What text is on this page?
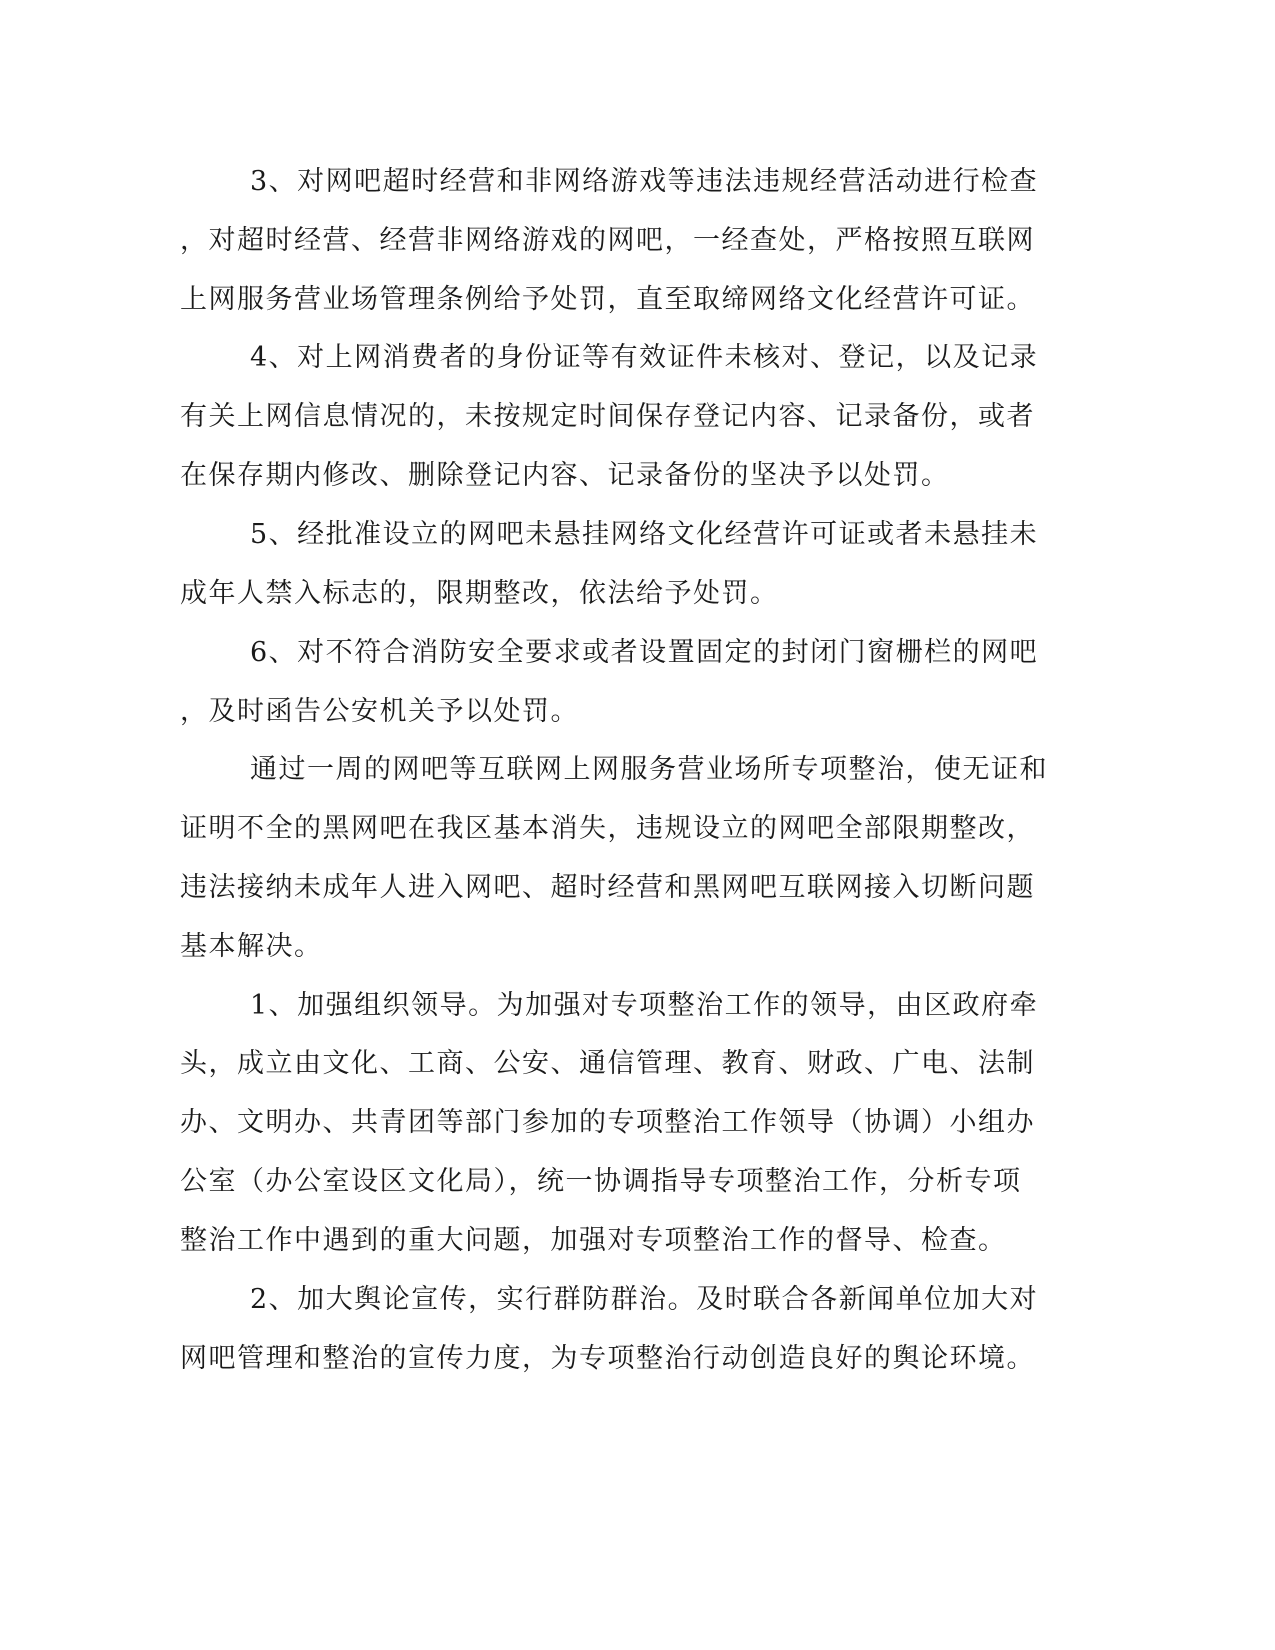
3、对网吧超时经营和非网络游戏等违法违规经营活动进行检查
，对超时经营、经营非网络游戏的网吧，一经查处，严格按照互联网
上网服务营业场管理条例给予处罚，直至取缔网络文化经营许可证。
4、对上网消费者的身份证等有效证件未核对、登记，以及记录
有关上网信息情况的，未按规定时间保存登记内容、记录备份，或者
在保存期内修改、删除登记内容、记录备份的坚决予以处罚。
5、经批准设立的网吧未悬挂网络文化经营许可证或者未悬挂未
成年人禁入标志的，限期整改，依法给予处罚。
6、对不符合消防安全要求或者设置固定的封闭门窗栅栏的网吧
，及时函告公安机关予以处罚。
通过一周的网吧等互联网上网服务营业场所专项整治，使无证和
证明不全的黑网吧在我区基本消失，违规设立的网吧全部限期整改，
违法接纳未成年人进入网吧、超时经营和黑网吧互联网接入切断问题
基本解决。
1、加强组织领导。为加强对专项整治工作的领导，由区政府牵
头，成立由文化、工商、公安、通信管理、教育、财政、广电、法制
办、文明办、共青团等部门参加的专项整治工作领导（协调）小组办
公室（办公室设区文化局），统一协调指导专项整治工作，分析专项
整治工作中遇到的重大问题，加强对专项整治工作的督导、检查。
2、加大舆论宣传，实行群防群治。及时联合各新闻单位加大对
网吧管理和整治的宣传力度，为专项整治行动创造良好的舆论环境。
